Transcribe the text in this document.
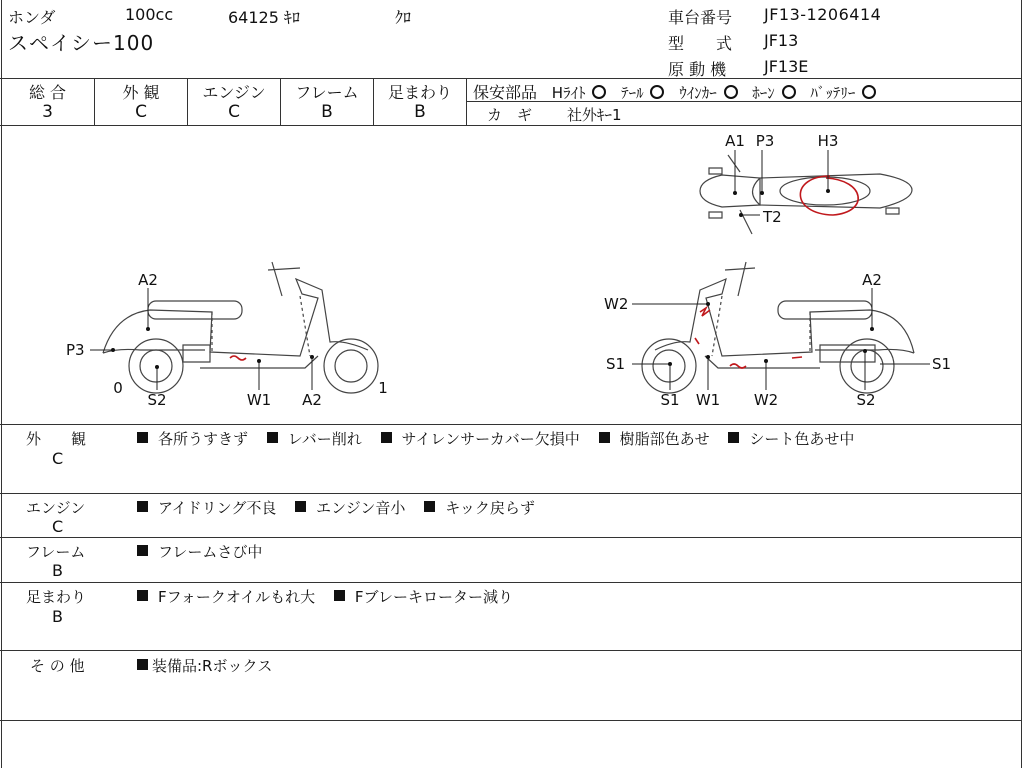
ホンダ	100cc	64125 ｷﾛ	ｸﾛ
スペイシー100
車台番号 JF13-1206414
型　　式 JF13
原 動 機 JF13E
総 合	外 観	エンジン	フレーム	足まわり
3	C	C	B	B
保安部品 Hﾗｲﾄ ﾃｰﾙ ｳｲﾝｶｰ ﾎｰﾝ ﾊﾞｯﾃﾘｰ
カ　ギ 社外ｷｰ1
A1 P3	H3
T2
A2
P3
0
S2	W1 A2
1
A2
W2
S1
S1
S1
W1 W2	S2
外　　観
C
各所うすきず	レバー削れ	サイレンサーカバー欠損中	樹脂部色あせ	シート色あせ中
エンジン
C
アイドリング不良	エンジン音小	キック戻らず
フレーム
B
フレームさび中
足まわり
B
Fフォークオイルもれ大	Fブレーキローター減り
そ の 他	装備品:Rボックス
